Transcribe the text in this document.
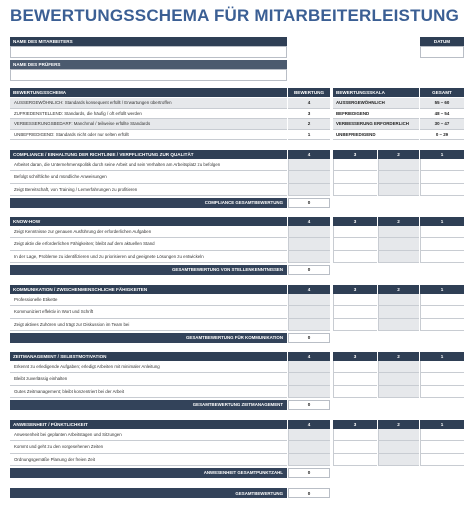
BEWERTUNGSSCHEMA FÜR MITARBEITERLEISTUNG
NAME DES MITARBEITERS	DATUM
NAME DES PRÜFERS
BEWERTUNGSSCHEMA	BEWERTUNG	BEWERTUNGSSKALA	GESAMT
AUSSERGEWÖHNLICH: Standards konsequent erfüllt / Erwartungen übertroffen	4	AUSSERGEWÖHNLICH	55 – 60
ZUFRIEDENSTELLEND: Standards, die häufig / oft erfüllt werden	3	BEFRIEDIGEND	48 – 54
VERBESSERUNGSBEDARF: Manchmal / teilweise erfüllte Standards	2	VERBESSERUNG ERFORDERLICH	30 – 47
UNBEFRIEDIGEND: Standards nicht oder nur selten erfüllt	1	UNBEFRIEDIGEND	0 – 29
COMPLIANCE / EINHALTUNG DER RICHTLINIE / VERPFLICHTUNG ZUR QUALITÄT	4	3	2	1
Arbeitet daran, die Unternehmenspolitik durch seine Arbeit und sein Verhalten am Arbeitsplatz zu befolgen
Befolgt schriftliche und mündliche Anweisungen
Zeigt Bereitschaft, von Training / Lernerfahrungen zu profitieren
COMPLIANCE GESAMTBEWERTUNG	0
KNOW-HOW	4	3	2	1
Zeigt Kenntnisse zur genauen Ausführung der erforderlichen Aufgaben
Zeigt aktiv die erforderlichen Fähigkeiten; bleibt auf dem aktuellen Stand
In der Lage, Probleme zu identifizieren und zu priorisieren und geeignete Lösungen zu entwickeln
GESAMTBEWERTUNG VON STELLENKENNTNISSEN	0
KOMMUNIKATION / ZWISCHENMENSCHLICHE FÄHIGKEITEN	4	3	2	1
Professionelle Etikette
Kommuniziert effektiv in Wort und Schrift
Zeigt aktives Zuhören und trägt zur Diskussion im Team bei
GESAMTBEWERTUNG FÜR KOMMUNIKATION	0
ZEITMANAGEMENT / SELBSTMOTIVATION	4	3	2	1
Erkennt zu erledigende Aufgaben; erledigt Arbeiten mit minimaler Anleitung
Bleibt zuverlässig einhalten
Gutes Zeitmanagement; bleibt konzentriert bei der Arbeit
GESAMTBEWERTUNG ZEITMANAGEMENT	0
ANWESENHEIT / PÜNKTLICHKEIT	4	3	2	1
Anwesenheit bei geplanten Arbeitstagen und Sitzungen
Kommt und geht zu den vorgesehenen Zeiten
Ordnungsgemäße Planung der freien Zeit
ANWESENHEIT GESAMTPUNKTZAHL	0
GESAMTBEWERTUNG	0
